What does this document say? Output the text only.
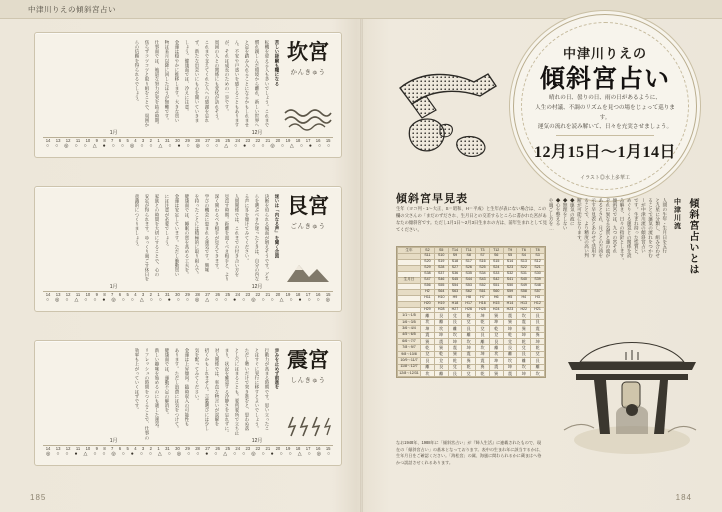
中津川りえの傾斜宮占い
苦しい経験も糧になる
転機を迎える人も多いでしょう。これまで
慣れ親しんだ環境から離れ、新しい世界へ
と足を踏み入れることになるかもしれませ
ん。不安や戸惑いを感じることもあります
が、それは成長のための一歩です。
周囲の人との関係にも変化が訪れそう。
これまで支えてくれた人への感謝を忘れ
ず、新たな出会いにも心を開いていきま
しょう。健康面では、冷えに注意。
金運は穏やかに推移します。大きな買い
物は来月以降に回したほうが無難です。
仕事面では、地道な努力が実を結ぶ時期。
焦らずコツコツと取り組むことで、周囲か
らの信頼を得られるでしょう。	坎宮
かんきゅう
1月	12月
14	13	12	11	10	9	8	7	6	5	4	3	2	1	31	30	29	28	27	26	25	24	23	22	21	20	19	18	17	16	15
○	○	◎	○	○	△	●	○	○	◎	○	○	△	○	●	○	◎	○	○	△	○	●	○	○	◎	○	△	○	●	○	○
迷いは「内なる声」を聞く合図
決断を迫られる場面が増えそうです。どち
らを選ぶべきか迷ったときは、自分の内な
る声に耳を傾けてみてください。
人間関係では、これまでの付き合い方を
見直す時期。距離を置くべき相手と、より
深く関わるべき相手が見えてきます。
学びの機会に恵まれる運気です。興味
を持ったことには積極的に取り組んで。
健康面では、睡眠の質を高める工夫を。
金運は安定しています。ただし衝動買い
には注意が必要でしょう。
家族との時間を大切にすることで、心の
安定が得られます。ゆっくり過ごす休日を
意識的につくりましょう。	艮宮
ごんきゅう
1月	12月
14	13	12	11	10	9	8	7	6	5	4	3	2	1	31	30	29	28	27	26	25	24	23	22	21	20	19	18	17	16	15
○	◎	○	△	○	○	●	◎	○	○	△	○	○	●	○	○	◎	△	○	○	●	○	◎	○	○	△	○	●	○	○	◎
歩みを止めず前進を
行動力が高まる時期です。思い立ったこ
とはすぐに実行に移すとよいでしょう。
ただし勢いだけで突き進むと、思わぬ落
とし穴にはまることも。要所要所で立ち止
まり、状況を確認する冷静さを忘れずに。
対人関係では、率直な物言いが誤解を
招くかもしれません。言葉選びには少し
気を配ってみてください。
金運は上昇傾向。臨時収入の可能性も
あります。ただし浪費には気をつけて。
健康面では、運動不足の解消を。
新しい趣味を始めるのにも適した運気。
リフレッシュの時間をつくることで、仕事の
効率も上がっていくはずです。	震宮
しんきゅう
1月	12月
14	13	12	11	10	9	8	7	6	5	4	3	2	1	31	30	29	28	27	26	25	24	23	22	21	20	19	18	17	16	15
◎	○	○	●	△	○	○	◎	○	●	○	○	△	○	◎	○	○	●	○	△	○	○	◎	○	●	○	○	△	○	◎	○
185
中津川りえの
傾斜宮占い
晴れの日、曇りの日、雨の日があるように、
人生の村議、不調のリズムを見つの場をじょって巡ります。
運気の流れを読み解いて、日々を充実させましょう。
12月15日〜1月14日
イラスト◎水上多華工
傾斜宮早見表
生年（ヨコ列・1〜大正、S＝昭和、H＝平成）と生年が表にない場合は、この欄の父さんの「まだのずだされ、生月日との交差するところに書かれた宮があなたの傾斜宮です。ただし1月1日〜2月3日生まれの方は、前年生まれとして見てください。
生年	S2	S5	T14	T11	T3	T12	T9	T6	T8
	S11	S10	S9	S8	S7	S6	S5	S4	S3
	S20	S19	S18	S17	S16	S15	S14	S13	S12
	S29	S28	S27	S26	S25	S24	S23	S22	S21
	S38	S37	S36	S35	S34	S33	S32	S31	S30
生月日	S47	S46	S45	S44	S43	S42	S41	S40	S39
	S56	S55	S54	S53	S52	S51	S50	S49	S48
	H2	S64	S63	S62	S61	S60	S59	S58	S57
	H11	H10	H9	H8	H7	H6	H5	H4	H3
	H20	H19	H18	H17	H16	H15	H14	H13	H12
	H29	H28	H27	H26	H25	H24	H23	H22	H21
1/1〜1/5	離	艮	兌	乾	坤	巽	震	坎	艮
1/6〜3/5	坎	離	艮	兌	乾	坤	巽	震	艮
3/6〜4/4	坤	坎	離	艮	兌	乾	坤	巽	震
4/5〜6/5	震	坤	坎	離	艮	兌	乾	坤	巽
6/6〜7/7	巽	震	坤	坎	離	艮	兌	乾	坤
7/8〜9/7	乾	巽	震	坤	坎	離	艮	兌	乾
9/8〜10/8	兌	乾	巽	震	坤	坎	離	艮	兌
10/9〜11/7	艮	兌	乾	巽	震	坤	坎	離	艮
11/8〜12/7	離	艮	兌	乾	巽	震	坤	坎	離
12/8〜12/31	坎	離	艮	兌	乾	巽	震	坤	坎
なお1948年、1988年に「傾斜宮占い」が『婦人生活』に連載されたもので、現在の「傾斜宮占い」の基本となっております。表中の生まれ年に該当するかは、生年月日をご確認ください。「海松宮」の属、海風に間わられるかに蔵まはへ待かつ誤話させくれるあります。
傾斜宮占いとは
中津川流
人間の生年・生月日を五行
と九星に分類し、組み合わせ
ることで運気の流れをつかむ
ーが中津川流の傾斜宮占い
です。生まれ持った性質と、
めぐりくる運気との関係を読
み解き、日々の指針とします。
傾斜宮では、九つの宮それ
ぞれに異なる気質と運の波が
あるとされ、月ごとの吉凶を
示す早見表とあわせて活用す
ることで、より精度の高い判
断が可能になります。
◆運気の波に
◆無理をしない
◆心を整える
や過ごし方を…
184
